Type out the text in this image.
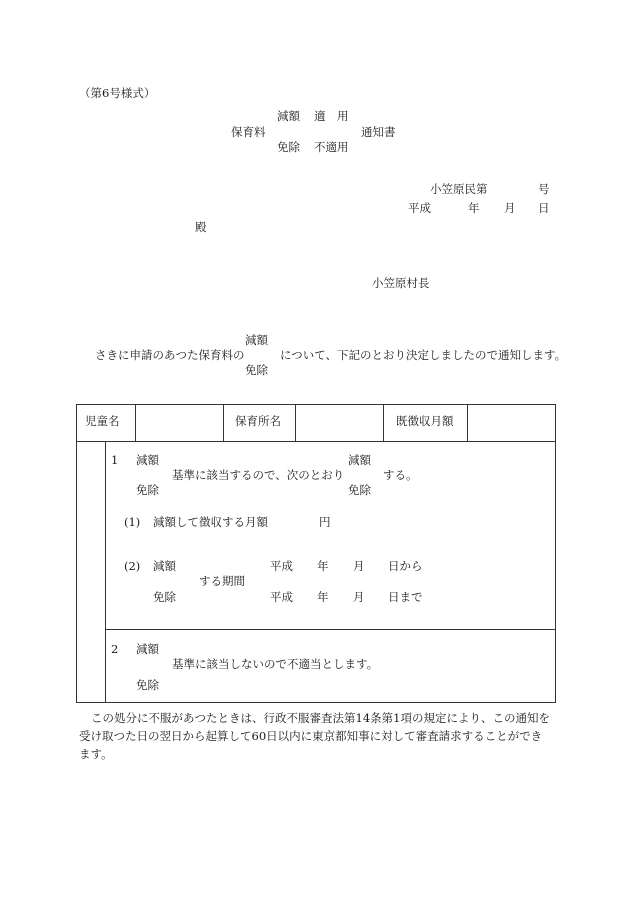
（第6号様式）
減額 適　用
保育料	通知書
免除 不適用
小笠原民第	号
平成	年 月 日
殿
小笠原村長
減額
さきに申請のあつた保育料の	について、下記のとおり決定しましたので通知します。
免除
児童名	保育所名	既徴収月額
1 減額	減額
基準に該当するので、次のとおり	する。
免除	免除
(1) 減額して徴収する月額	円
(2) 減額	平成 年 月 日から
する期間
免除	平成 年 月 日まで
2 減額
基準に該当しないので不適当とします。
免除
この処分に不服があつたときは、行政不服審査法第14条第1項の規定により、この通知を
受け取つた日の翌日から起算して60日以内に東京都知事に対して審査請求することができ
ます。
